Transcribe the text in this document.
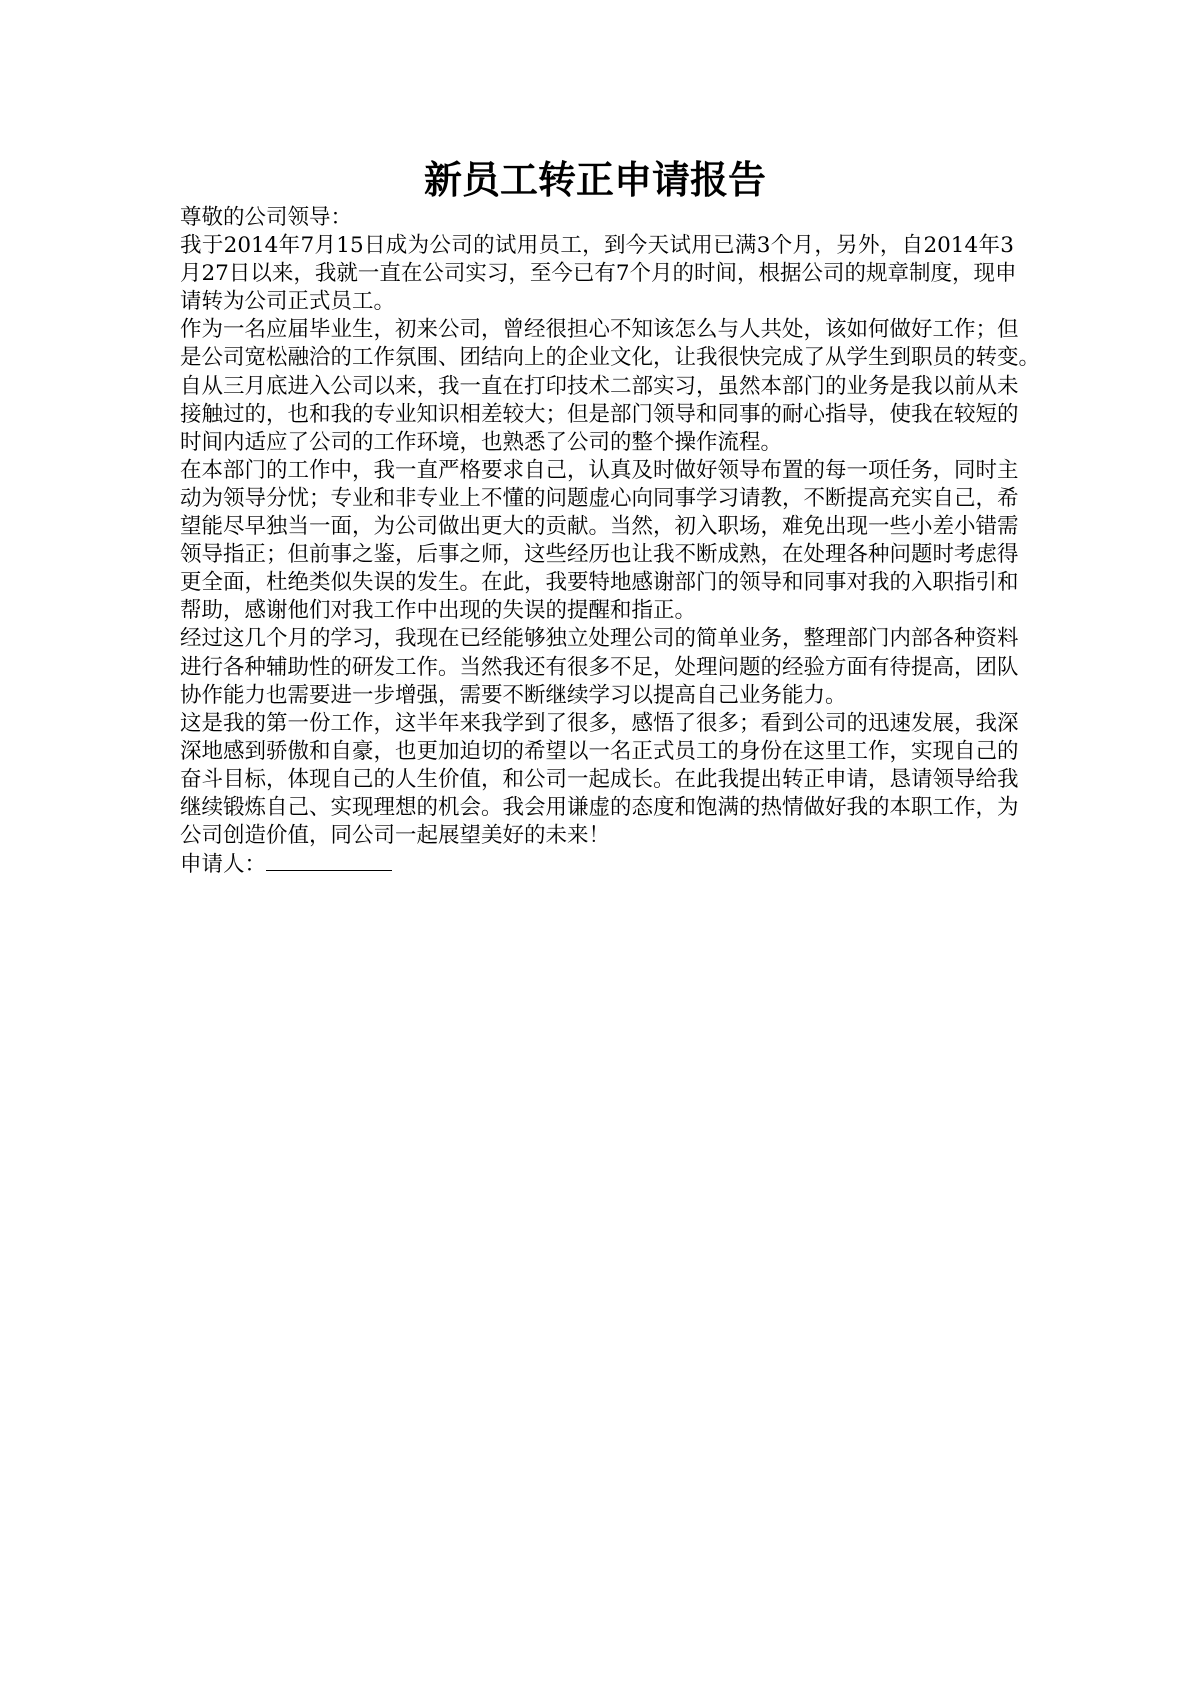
新员工转正申请报告
尊敬的公司领导：
我于2014年7月15日成为公司的试用员工，到今天试用已满3个月，另外，自2014年3
月27日以来，我就一直在公司实习，至今已有7个月的时间，根据公司的规章制度，现申
请转为公司正式员工。
作为一名应届毕业生，初来公司，曾经很担心不知该怎么与人共处，该如何做好工作；但
是公司宽松融洽的工作氛围、团结向上的企业文化，让我很快完成了从学生到职员的转变。
自从三月底进入公司以来，我一直在打印技术二部实习，虽然本部门的业务是我以前从未
接触过的，也和我的专业知识相差较大；但是部门领导和同事的耐心指导，使我在较短的
时间内适应了公司的工作环境，也熟悉了公司的整个操作流程。
在本部门的工作中，我一直严格要求自己，认真及时做好领导布置的每一项任务，同时主
动为领导分忧；专业和非专业上不懂的问题虚心向同事学习请教，不断提高充实自己，希
望能尽早独当一面，为公司做出更大的贡献。当然，初入职场，难免出现一些小差小错需
领导指正；但前事之鉴，后事之师，这些经历也让我不断成熟，在处理各种问题时考虑得
更全面，杜绝类似失误的发生。在此，我要特地感谢部门的领导和同事对我的入职指引和
帮助，感谢他们对我工作中出现的失误的提醒和指正。
经过这几个月的学习，我现在已经能够独立处理公司的简单业务，整理部门内部各种资料
进行各种辅助性的研发工作。当然我还有很多不足，处理问题的经验方面有待提高，团队
协作能力也需要进一步增强，需要不断继续学习以提高自己业务能力。
这是我的第一份工作，这半年来我学到了很多，感悟了很多；看到公司的迅速发展，我深
深地感到骄傲和自豪，也更加迫切的希望以一名正式员工的身份在这里工作，实现自己的
奋斗目标，体现自己的人生价值，和公司一起成长。在此我提出转正申请，恳请领导给我
继续锻炼自己、实现理想的机会。我会用谦虚的态度和饱满的热情做好我的本职工作，为
公司创造价值，同公司一起展望美好的未来！
申请人：
